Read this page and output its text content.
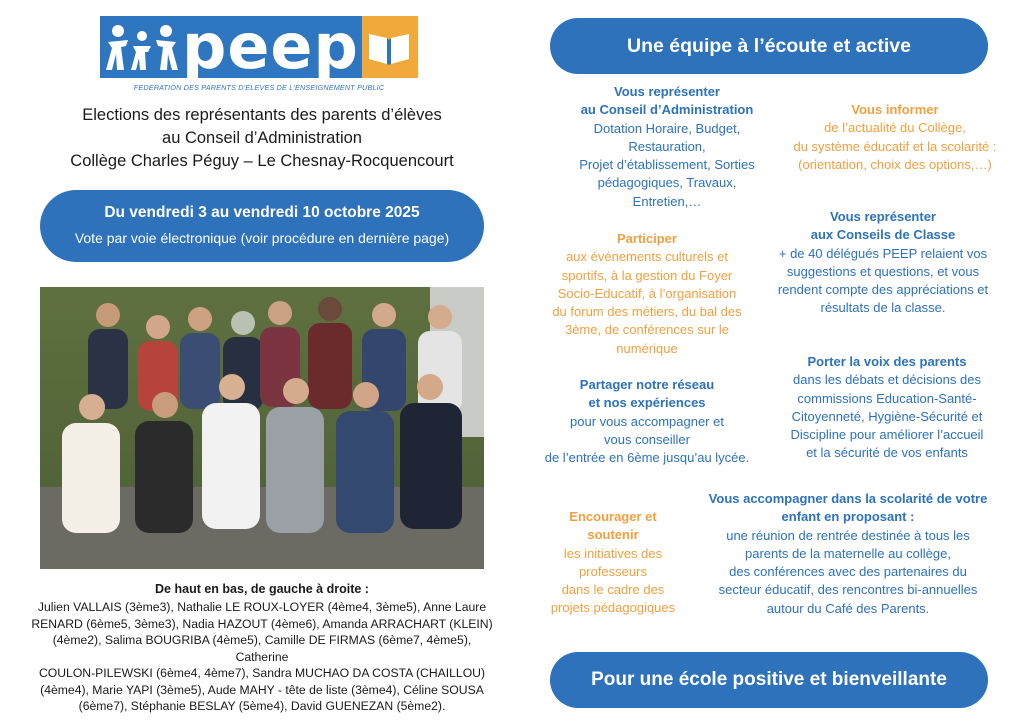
peep
FEDERATION DES PARENTS D'ELEVES DE L'ENSEIGNEMENT PUBLIC
Elections des représentants des parents d’élèves
au Conseil d’Administration
Collège Charles Péguy – Le Chesnay-Rocquencourt
Du vendredi 3 au vendredi 10 octobre 2025
Vote par voie électronique (voir procédure en dernière page)
De haut en bas, de gauche à droite :
Julien VALLAIS (3ème3), Nathalie LE ROUX-LOYER (4ème4, 3ème5), Anne Laure
RENARD (6ème5, 3ème3), Nadia HAZOUT (4ème6), Amanda ARRACHART (KLEIN)
(4ème2), Salima BOUGRIBA (4ème5), Camille DE FIRMAS (6ème7, 4ème5), Catherine
COULON-PILEWSKI (6ème4, 4ème7), Sandra MUCHAO DA COSTA (CHAILLOU)
(4ème4), Marie YAPI (3ème5), Aude MAHY - tête de liste (3ème4), Céline SOUSA
(6ème7), Stéphanie BESLAY (5ème4), David GUENEZAN (5ème2).
Une équipe à l’écoute et active
Vous représenter
au Conseil d’Administration
Dotation Horaire, Budget,
Restauration,
Projet d’établissement, Sorties
pédagogiques, Travaux,
Entretien,…
Vous informer
de l’actualité du Collège,
du système éducatif et la scolarité :
(orientation, choix des options,…)
Participer
aux événements culturels et
sportifs, à la gestion du Foyer
Socio-Educatif, à l’organisation
du forum des métiers, du bal des
3ème, de conférences sur le
numérique
Vous représenter
aux Conseils de Classe
+ de 40 délégués PEEP relaient vos
suggestions et questions, et vous
rendent compte des appréciations et
résultats de la classe.
Partager notre réseau
et nos expériences
pour vous accompagner et
vous conseiller
de l’entrée en 6ème jusqu’au lycée.
Porter la voix des parents
dans les débats et décisions des
commissions Education-Santé-
Citoyenneté, Hygiène-Sécurité et
Discipline pour améliorer l’accueil
et la sécurité de vos enfants
Encourager et
soutenir
les initiatives des
professeurs
dans le cadre des
projets pédagogiques
Vous accompagner dans la scolarité de votre
enfant en proposant :
une réunion de rentrée destinée à tous les
parents de la maternelle au collège,
des conférences avec des partenaires du
secteur éducatif, des rencontres bi-annuelles
autour du Café des Parents.
Pour une école positive et bienveillante
